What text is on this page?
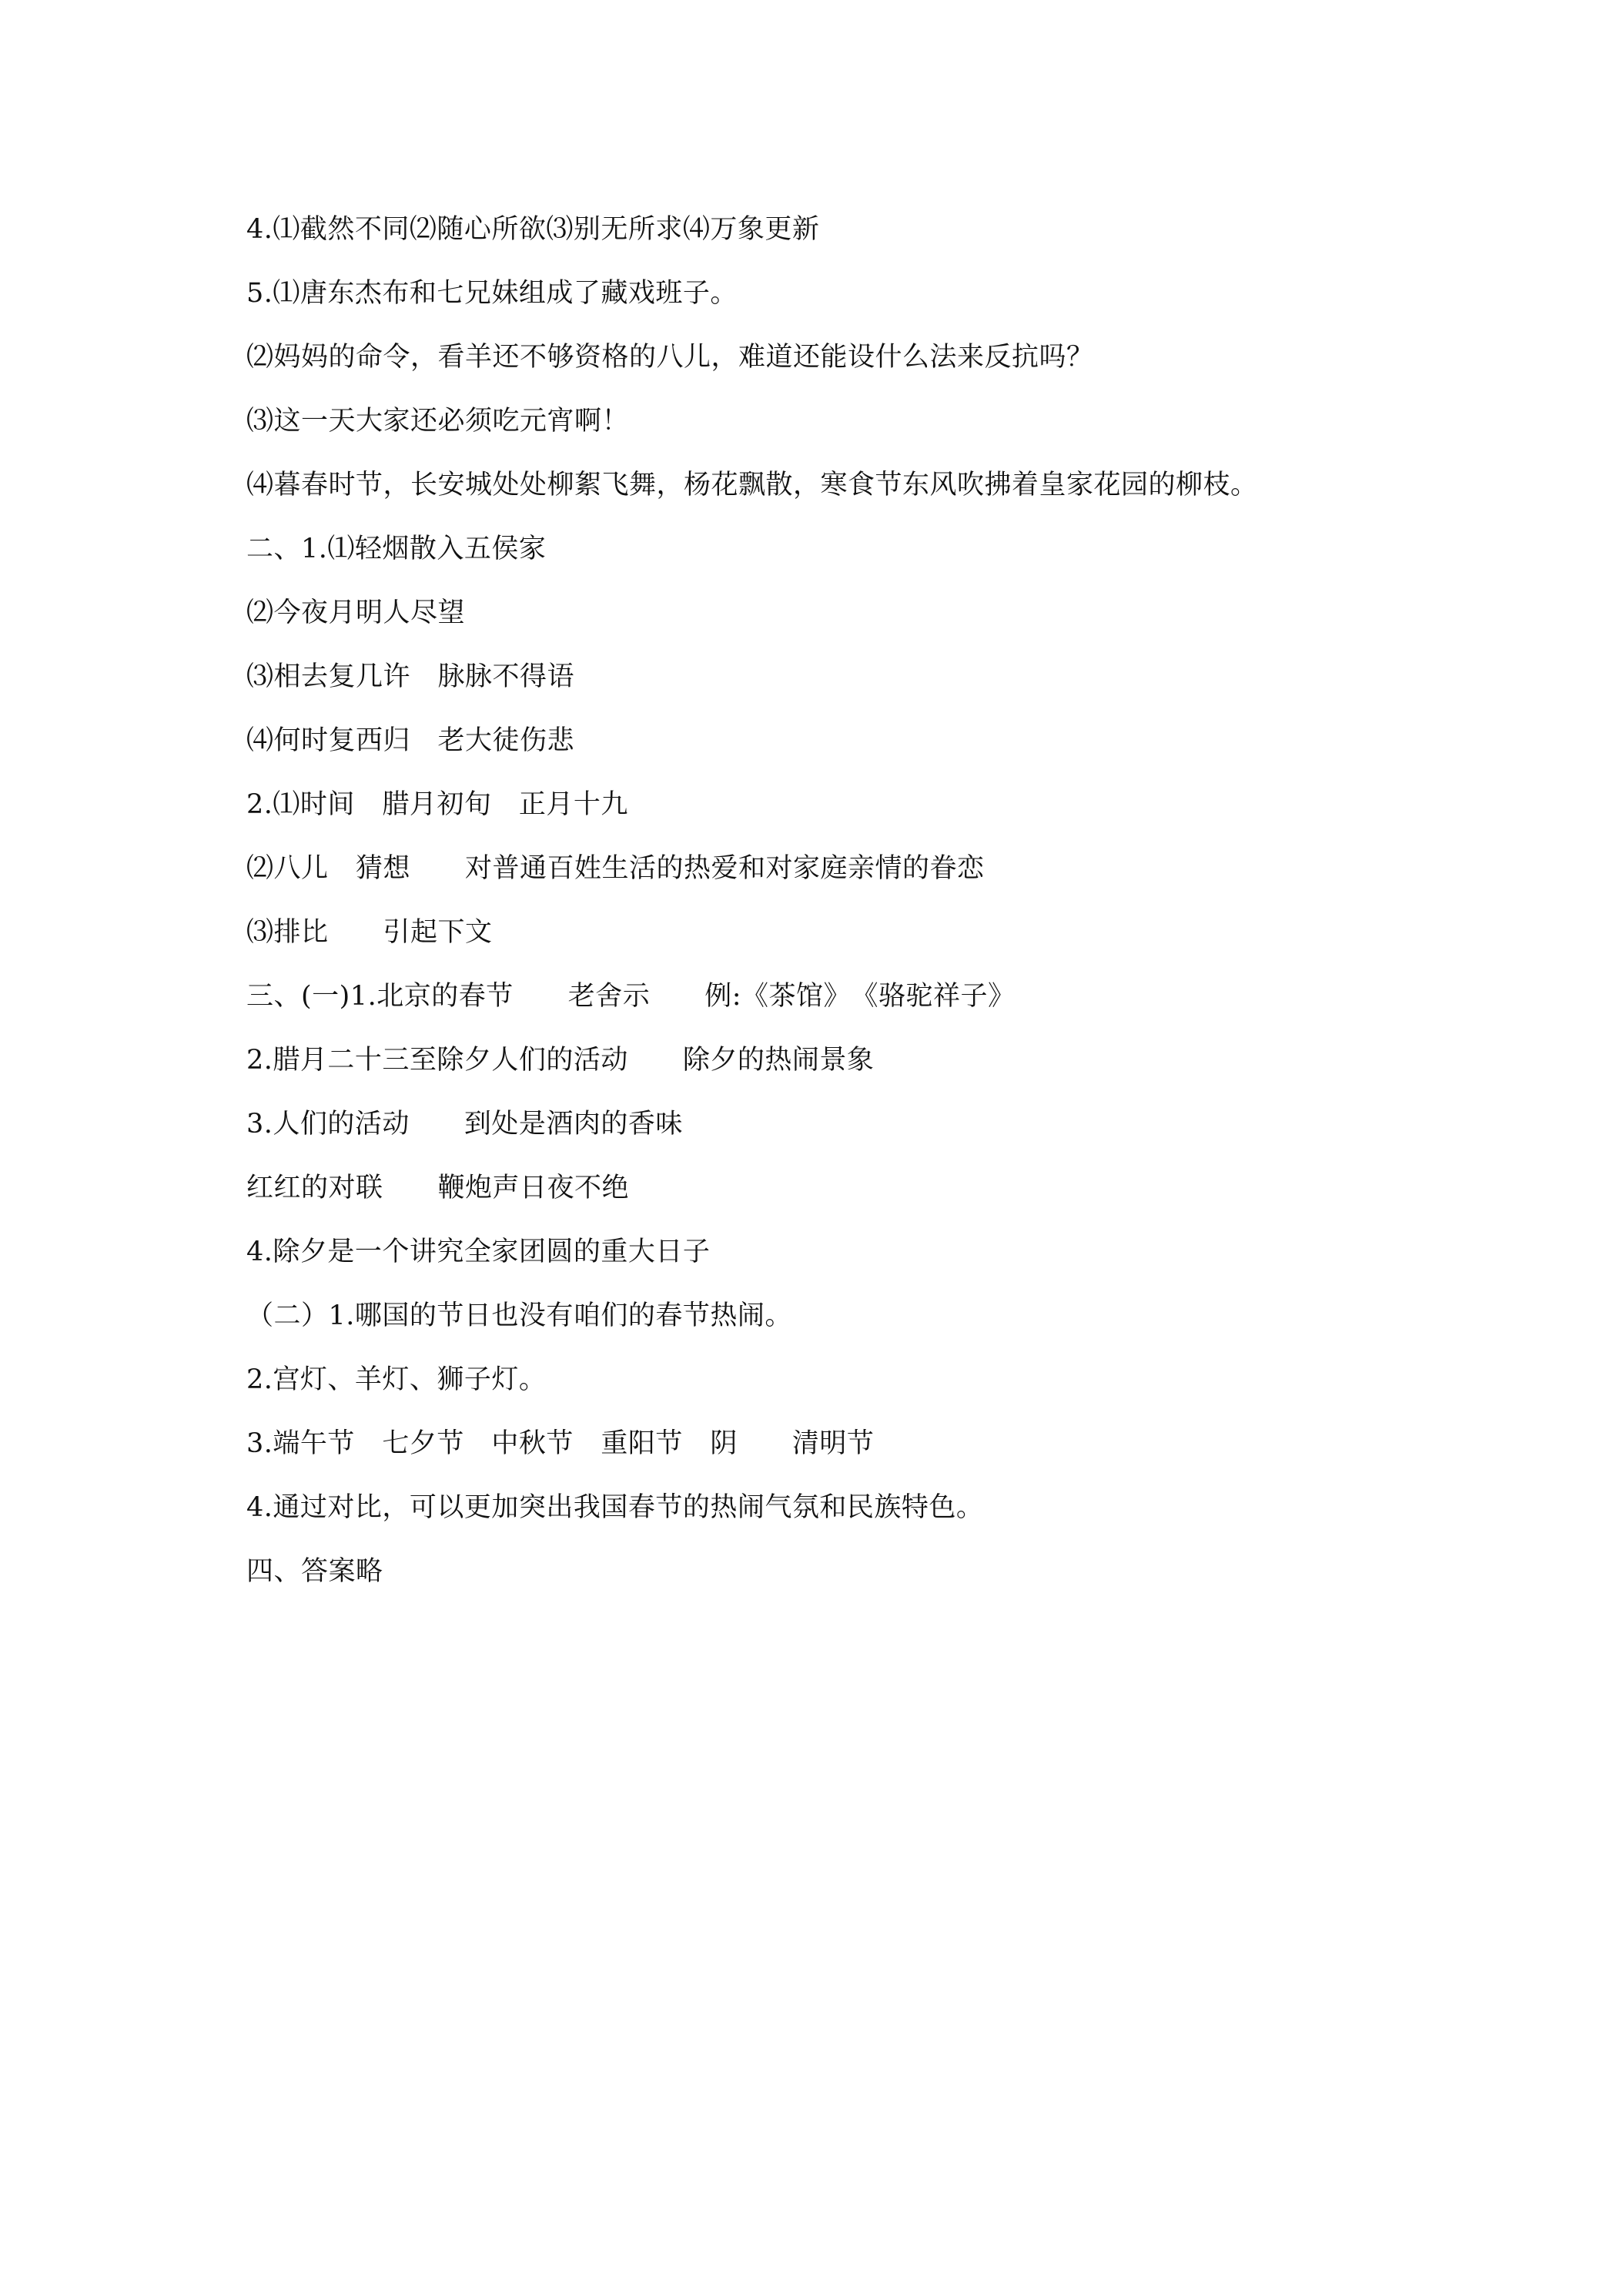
4.⑴截然不同⑵随心所欲⑶别无所求⑷万象更新
5.⑴唐东杰布和七兄妹组成了藏戏班子。
⑵妈妈的命令，看羊还不够资格的八儿，难道还能设什么法来反抗吗？
⑶这一天大家还必须吃元宵啊！
⑷暮春时节，长安城处处柳絮飞舞，杨花飘散，寒食节东风吹拂着皇家花园的柳枝。
二、1.⑴轻烟散入五侯家
⑵今夜月明人尽望
⑶相去复几许　脉脉不得语
⑷何时复西归　老大徒伤悲
2.⑴时间　腊月初旬　正月十九
⑵八儿　猜想　　对普通百姓生活的热爱和对家庭亲情的眷恋
⑶排比　　引起下文
三、(一)1.北京的春节　　老舍示　　例:《茶馆》　《骆驼祥子》
2.腊月二十三至除夕人们的活动　　除夕的热闹景象
3.人们的活动　　到处是酒肉的香味
红红的对联　　鞭炮声日夜不绝
4.除夕是一个讲究全家团圆的重大日子
（二）1.哪国的节日也没有咱们的春节热闹。
2.宫灯、羊灯、狮子灯。
3.端午节　七夕节　中秋节　重阳节　阴　　清明节
4.通过对比，可以更加突出我国春节的热闹气氛和民族特色。
四、答案略
